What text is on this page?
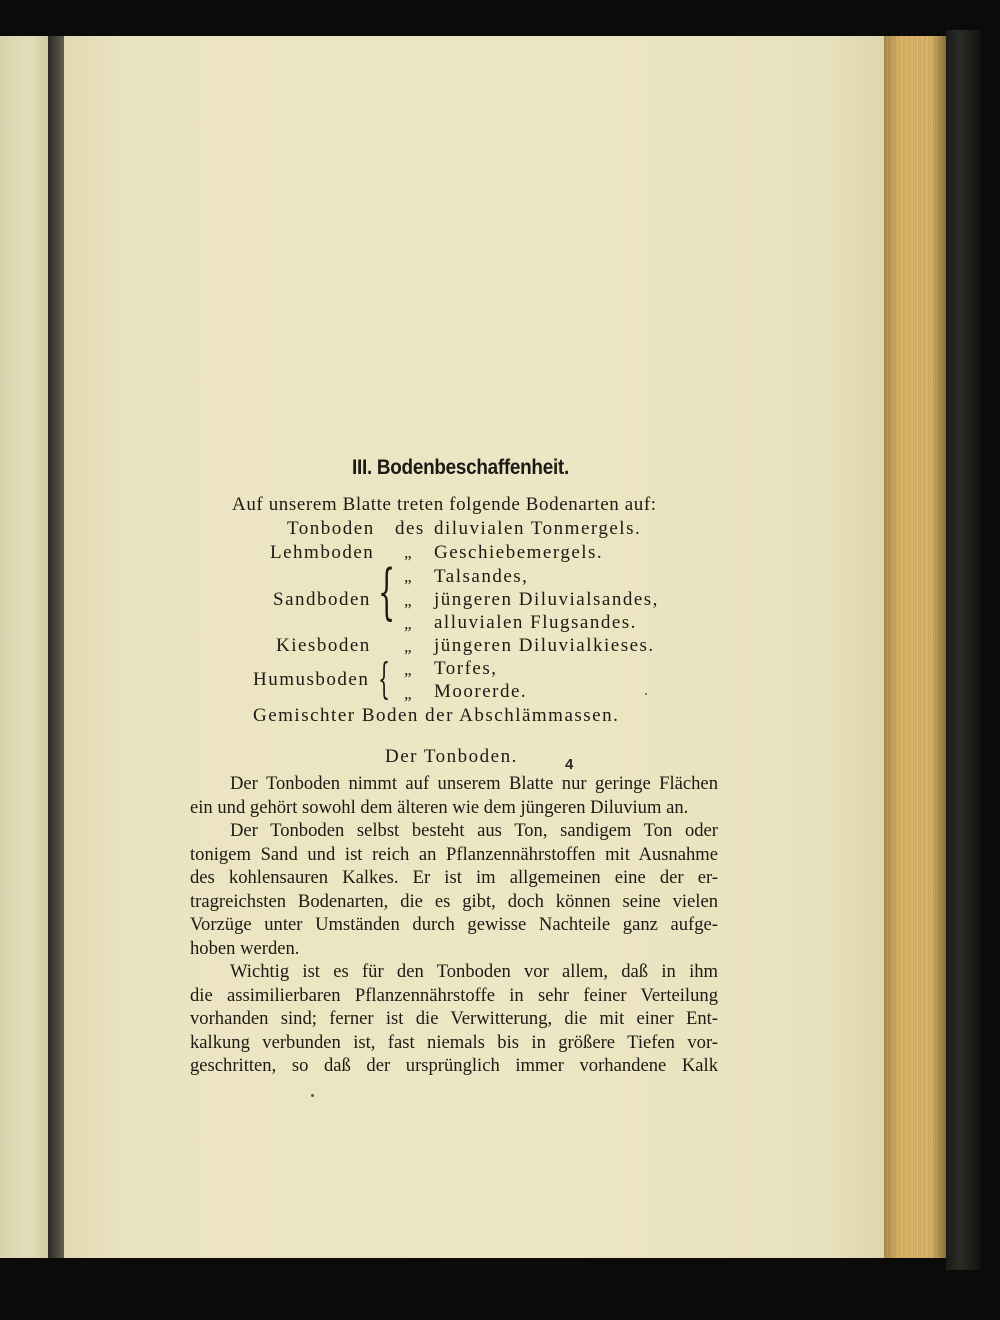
III. Bodenbeschaffenheit.
Auf unserem Blatte treten folgende Bodenarten auf:
Tonboden des diluvialen Tonmergels.
Lehmboden „ Geschiebemergels.
Sandboden { „ Talsandes,
„ jüngeren Diluvialsandes,
„ alluvialen Flugsandes.
Kiesboden „ jüngeren Diluvialkieses.
Humusboden { „ Torfes,
„ Moorerde.
Gemischter Boden der Abschlämmassen.
Der Tonboden.	4
Der Tonboden nimmt auf unserem Blatte nur geringe Flächen
ein und gehört sowohl dem älteren wie dem jüngeren Diluvium an.
Der Tonboden selbst besteht aus Ton, sandigem Ton oder
tonigem Sand und ist reich an Pflanzennährstoffen mit Ausnahme
des kohlensauren Kalkes. Er ist im allgemeinen eine der er-
tragreichsten Bodenarten, die es gibt, doch können seine vielen
Vorzüge unter Umständen durch gewisse Nachteile ganz aufge-
hoben werden.
Wichtig ist es für den Tonboden vor allem, daß in ihm
die assimilierbaren Pflanzennährstoffe in sehr feiner Verteilung
vorhanden sind; ferner ist die Verwitterung, die mit einer Ent-
kalkung verbunden ist, fast niemals bis in größere Tiefen vor-
geschritten, so daß der ursprünglich immer vorhandene Kalk
